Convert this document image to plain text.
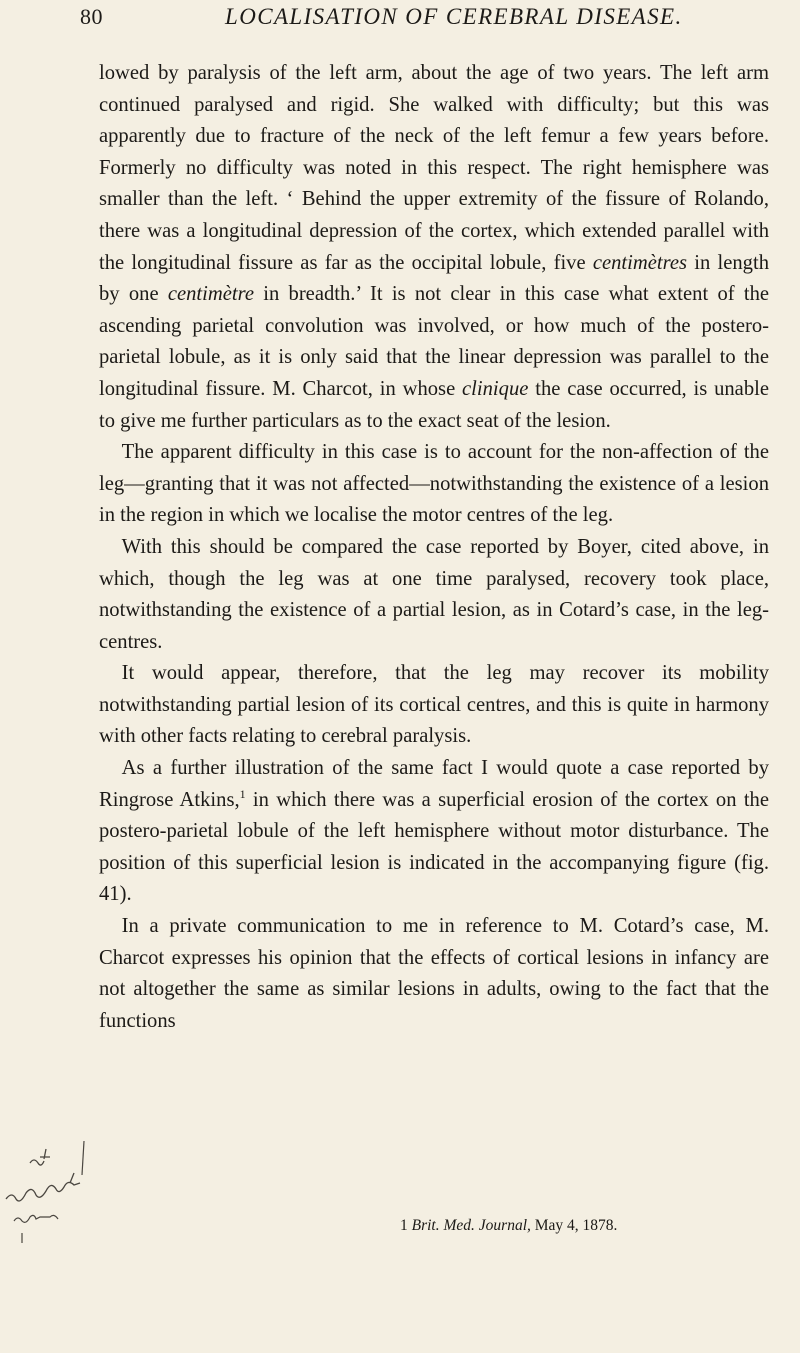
80	LOCALISATION OF CEREBRAL DISEASE.

lowed by paralysis of the left arm, about the age of two years. The left arm continued paralysed and rigid. She walked with difficulty; but this was apparently due to fracture of the neck of the left femur a few years before. Formerly no difficulty was noted in this respect. The right hemisphere was smaller than the left. ‘ Behind the upper extremity of the fissure of Rolando, there was a longitudinal depression of the cortex, which extended parallel with the longitudinal fissure as far as the occipital lobule, five centimètres in length by one centimètre in breadth.’ It is not clear in this case what extent of the ascending parietal convolution was involved, or how much of the postero-parietal lobule, as it is only said that the linear depression was parallel to the longitudinal fissure. M. Charcot, in whose clinique the case occurred, is unable to give me further particulars as to the exact seat of the lesion.

The apparent difficulty in this case is to account for the non-affection of the leg—granting that it was not affected—notwithstanding the existence of a lesion in the region in which we localise the motor centres of the leg.

With this should be compared the case reported by Boyer, cited above, in which, though the leg was at one time paralysed, recovery took place, notwithstanding the existence of a partial lesion, as in Cotard’s case, in the leg-centres.

It would appear, therefore, that the leg may recover its mobility notwithstanding partial lesion of its cortical centres, and this is quite in harmony with other facts relating to cerebral paralysis.

As a further illustration of the same fact I would quote a case reported by Ringrose Atkins,$^1$ in which there was a superficial erosion of the cortex on the postero-parietal lobule of the left hemisphere without motor disturbance. The position of this superficial lesion is indicated in the accompanying figure (fig. 41).

In a private communication to me in reference to M. Cotard’s case, M. Charcot expresses his opinion that the effects of cortical lesions in infancy are not altogether the same as similar lesions in adults, owing to the fact that the functions

1 Brit. Med. Journal, May 4, 1878.
